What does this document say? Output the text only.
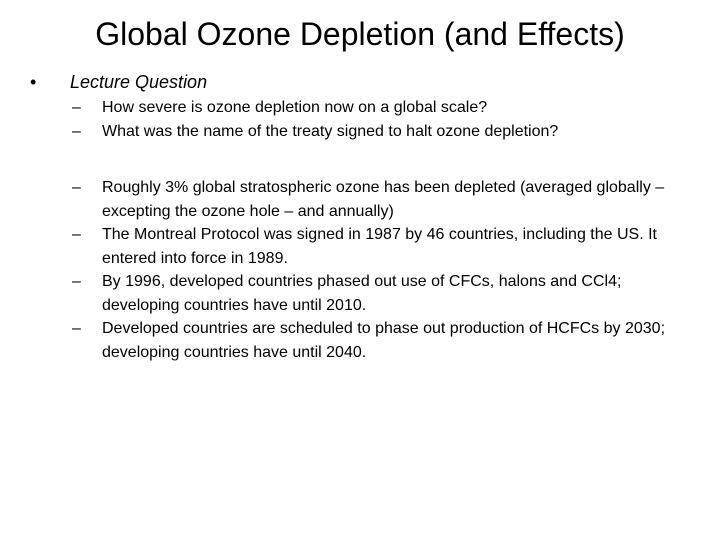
Global Ozone Depletion (and Effects)
• Lecture Question
–	How severe is ozone depletion now on a global scale?
–	What was the name of the treaty signed to halt ozone depletion?
–	Roughly 3% global stratospheric ozone has been depleted (averaged globally – excepting the ozone hole – and annually)
–	The Montreal Protocol was signed in 1987 by 46 countries, including the US. It entered into force in 1989.
–	By 1996, developed countries phased out use of CFCs, halons and CCl4; developing countries have until 2010.
–	Developed countries are scheduled to phase out production of HCFCs by 2030; developing countries have until 2040.
